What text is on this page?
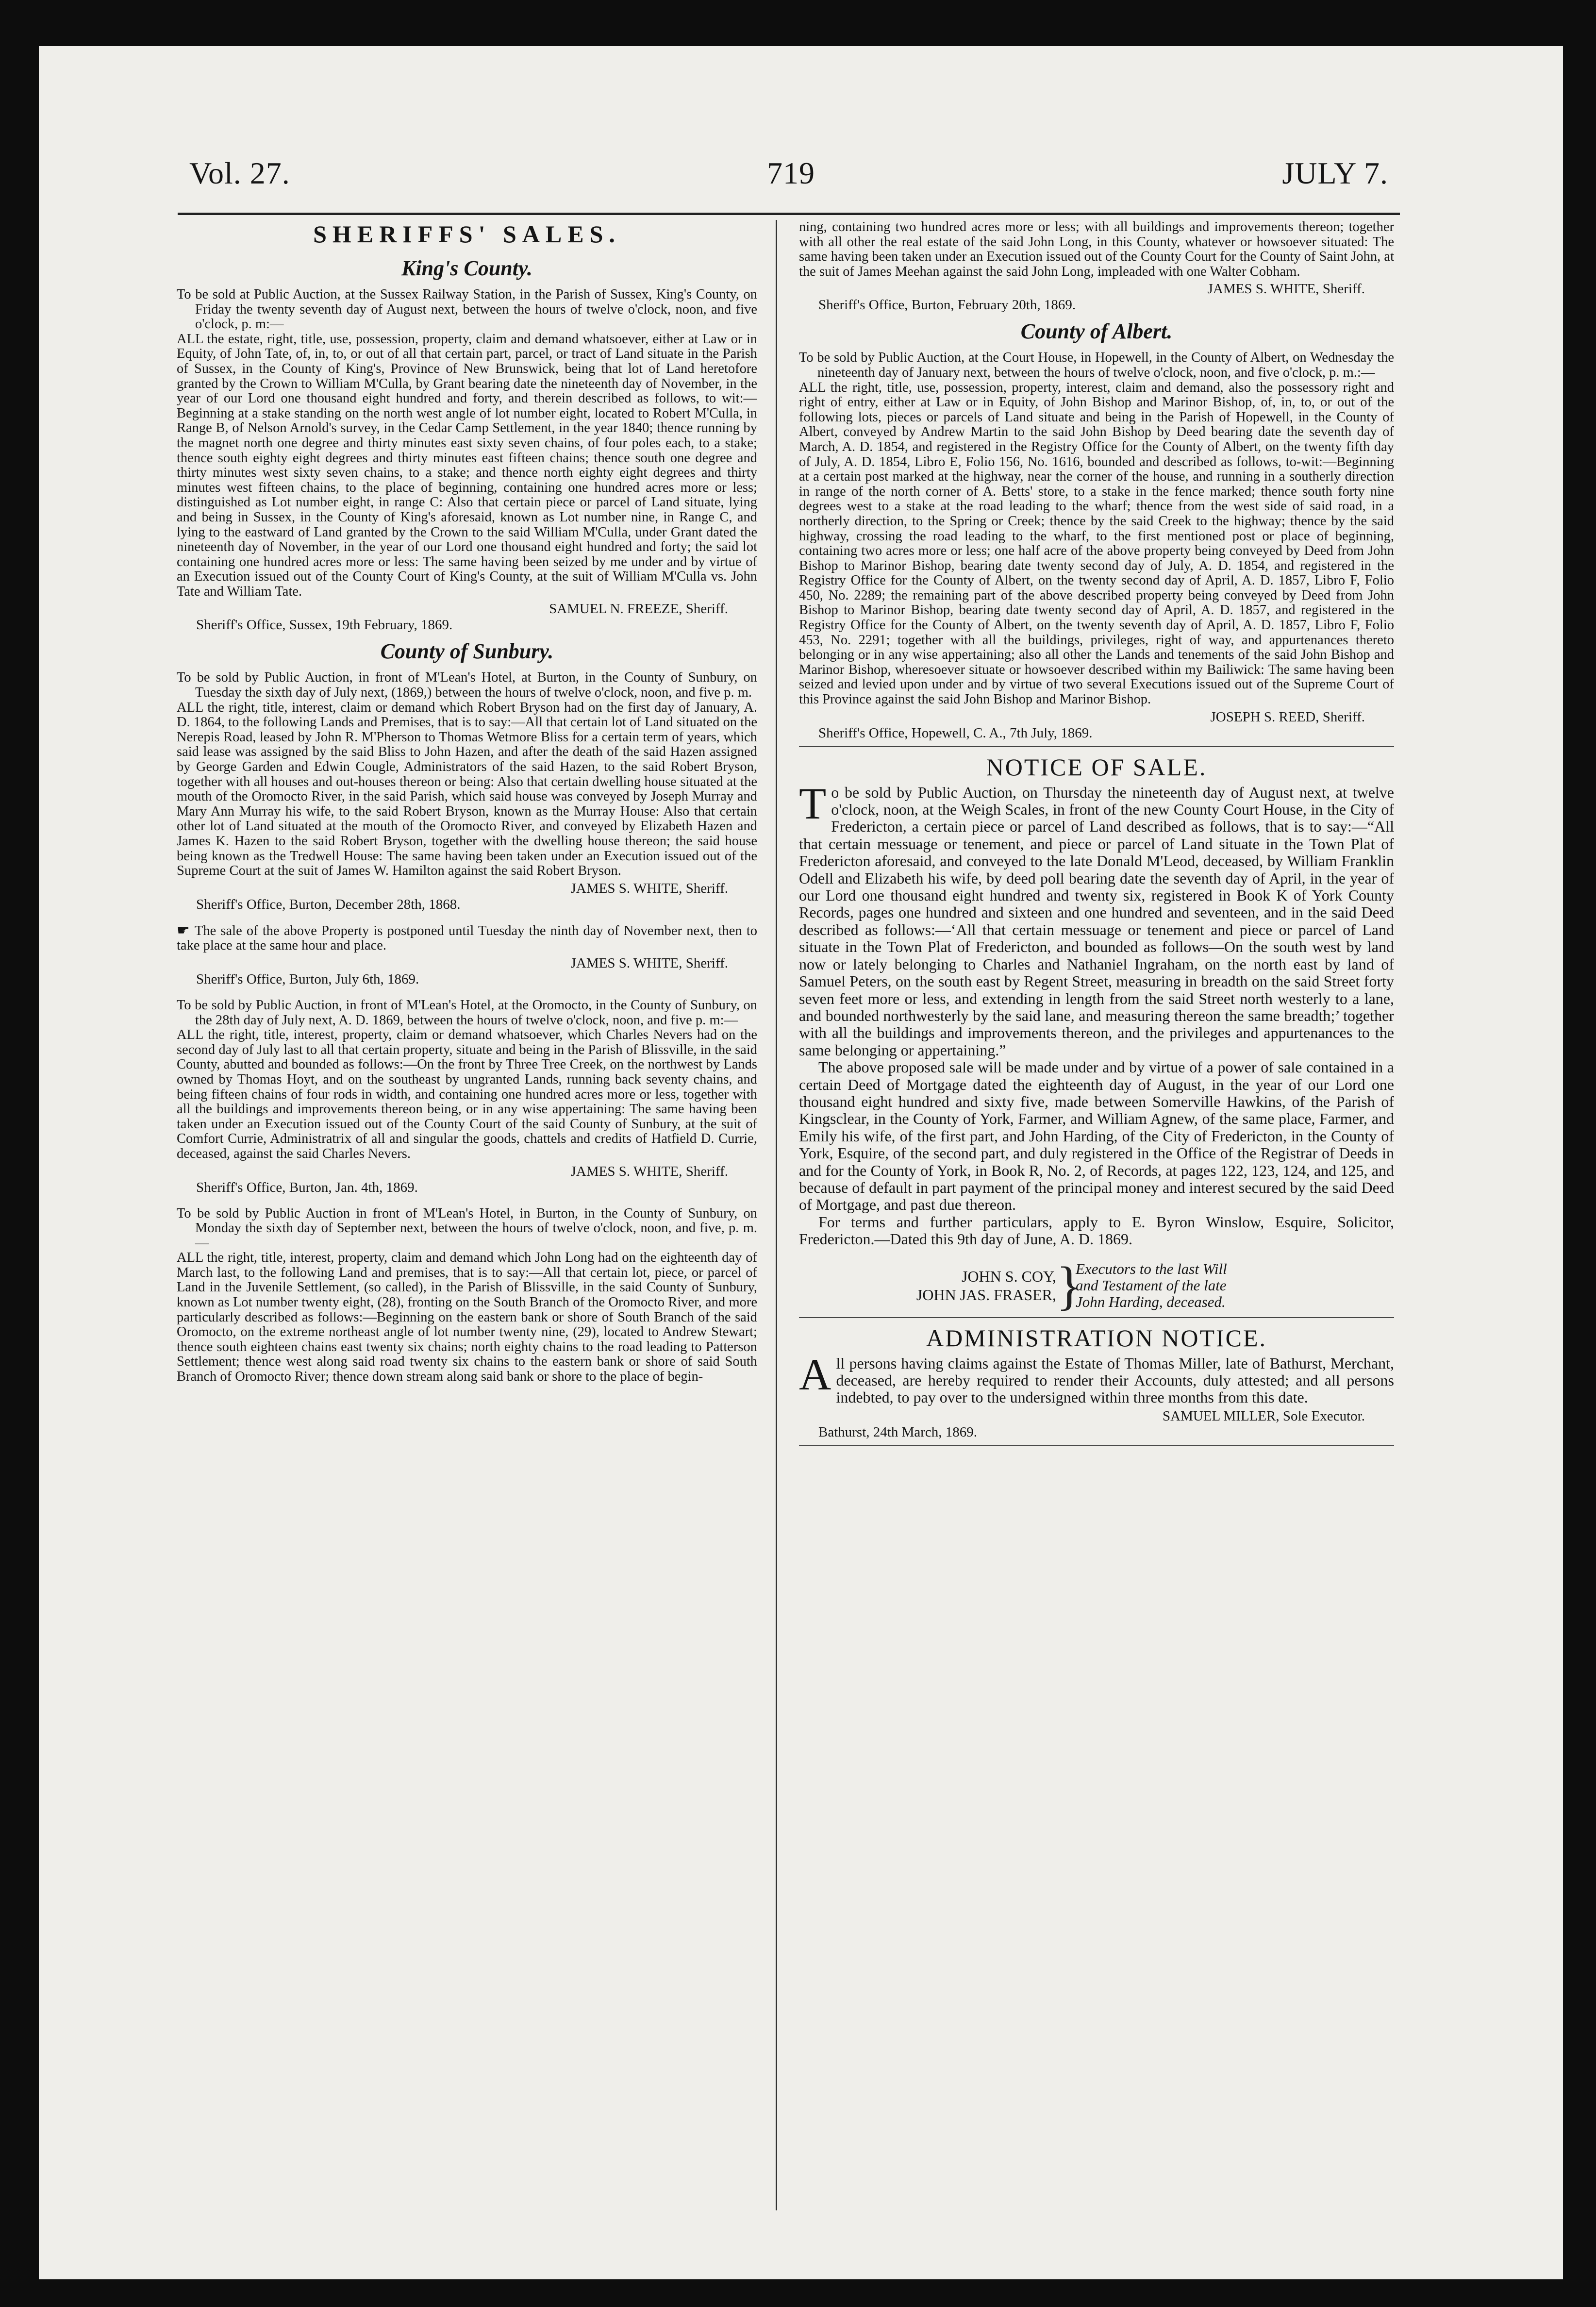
Vol. 27.	719	JULY 7.
SHERIFFS' SALES.
King's County.

To be sold at Public Auction, at the Sussex Railway Station, in the Parish of Sussex, King's County, on Friday the twenty seventh day of August next, between the hours of twelve o'clock, noon, and five o'clock, p. m:—

ALL the estate, right, title, use, possession, property, claim and demand whatsoever, either at Law or in Equity, of John Tate, of, in, to, or out of all that certain part, parcel, or tract of Land situate in the Parish of Sussex, in the County of King's, Province of New Brunswick, being that lot of Land heretofore granted by the Crown to William M'Culla, by Grant bearing date the nineteenth day of November, in the year of our Lord one thousand eight hundred and forty, and therein described as follows, to wit:—Beginning at a stake standing on the north west angle of lot number eight, located to Robert M'Culla, in Range B, of Nelson Arnold's survey, in the Cedar Camp Settlement, in the year 1840; thence running by the magnet north one degree and thirty minutes east sixty seven chains, of four poles each, to a stake; thence south eighty eight degrees and thirty minutes east fifteen chains; thence south one degree and thirty minutes west sixty seven chains, to a stake; and thence north eighty eight degrees and thirty minutes west fifteen chains, to the place of beginning, containing one hundred acres more or less; distinguished as Lot number eight, in range C: Also that certain piece or parcel of Land situate, lying and being in Sussex, in the County of King's aforesaid, known as Lot number nine, in Range C, and lying to the eastward of Land granted by the Crown to the said William M'Culla, under Grant dated the nineteenth day of November, in the year of our Lord one thousand eight hundred and forty; the said lot containing one hundred acres more or less: The same having been seized by me under and by virtue of an Execution issued out of the County Court of King's County, at the suit of William M'Culla vs. John Tate and William Tate.

SAMUEL N. FREEZE, Sheriff.

Sheriff's Office, Sussex, 19th February, 1869.

County of Sunbury.

To be sold by Public Auction, in front of M'Lean's Hotel, at Burton, in the County of Sunbury, on Tuesday the sixth day of July next, (1869,) between the hours of twelve o'clock, noon, and five p. m.

ALL the right, title, interest, claim or demand which Robert Bryson had on the first day of January, A. D. 1864, to the following Lands and Premises, that is to say:—All that certain lot of Land situated on the Nerepis Road, leased by John R. M'Pherson to Thomas Wetmore Bliss for a certain term of years, which said lease was assigned by the said Bliss to John Hazen, and after the death of the said Hazen assigned by George Garden and Edwin Cougle, Administrators of the said Hazen, to the said Robert Bryson, together with all houses and out-houses thereon or being: Also that certain dwelling house situated at the mouth of the Oromocto River, in the said Parish, which said house was conveyed by Joseph Murray and Mary Ann Murray his wife, to the said Robert Bryson, known as the Murray House: Also that certain other lot of Land situated at the mouth of the Oromocto River, and conveyed by Elizabeth Hazen and James K. Hazen to the said Robert Bryson, together with the dwelling house thereon; the said house being known as the Tredwell House: The same having been taken under an Execution issued out of the Supreme Court at the suit of James W. Hamilton against the said Robert Bryson.

JAMES S. WHITE, Sheriff.

Sheriff's Office, Burton, December 28th, 1868.

☛ The sale of the above Property is postponed until Tuesday the ninth day of November next, then to take place at the same hour and place.

JAMES S. WHITE, Sheriff.

Sheriff's Office, Burton, July 6th, 1869.

To be sold by Public Auction, in front of M'Lean's Hotel, at the Oromocto, in the County of Sunbury, on the 28th day of July next, A. D. 1869, between the hours of twelve o'clock, noon, and five p. m:—

ALL the right, title, interest, property, claim or demand whatsoever, which Charles Nevers had on the second day of July last to all that certain property, situate and being in the Parish of Blissville, in the said County, abutted and bounded as follows:—On the front by Three Tree Creek, on the northwest by Lands owned by Thomas Hoyt, and on the southeast by ungranted Lands, running back seventy chains, and being fifteen chains of four rods in width, and containing one hundred acres more or less, together with all the buildings and improvements thereon being, or in any wise appertaining: The same having been taken under an Execution issued out of the County Court of the said County of Sunbury, at the suit of Comfort Currie, Administratrix of all and singular the goods, chattels and credits of Hatfield D. Currie, deceased, against the said Charles Nevers.

JAMES S. WHITE, Sheriff.

Sheriff's Office, Burton, Jan. 4th, 1869.

To be sold by Public Auction in front of M'Lean's Hotel, in Burton, in the County of Sunbury, on Monday the sixth day of September next, between the hours of twelve o'clock, noon, and five, p. m.—

ALL the right, title, interest, property, claim and demand which John Long had on the eighteenth day of March last, to the following Land and premises, that is to say:—All that certain lot, piece, or parcel of Land in the Juvenile Settlement, (so called), in the Parish of Blissville, in the said County of Sunbury, known as Lot number twenty eight, (28), fronting on the South Branch of the Oromocto River, and more particularly described as follows:—Beginning on the eastern bank or shore of South Branch of the said Oromocto, on the extreme northeast angle of lot number twenty nine, (29), located to Andrew Stewart; thence south eighteen chains east twenty six chains; north eighty chains to the road leading to Patterson Settlement; thence west along said road twenty six chains to the eastern bank or shore of said South Branch of Oromocto River; thence down stream along said bank or shore to the place of begin-

ning, containing two hundred acres more or less; with all buildings and improvements thereon; together with all other the real estate of the said John Long, in this County, whatever or howsoever situated: The same having been taken under an Execution issued out of the County Court for the County of Saint John, at the suit of James Meehan against the said John Long, impleaded with one Walter Cobham.

JAMES S. WHITE, Sheriff.

Sheriff's Office, Burton, February 20th, 1869.

County of Albert.

To be sold by Public Auction, at the Court House, in Hopewell, in the County of Albert, on Wednesday the nineteenth day of January next, between the hours of twelve o'clock, noon, and five o'clock, p. m.:—

ALL the right, title, use, possession, property, interest, claim and demand, also the possessory right and right of entry, either at Law or in Equity, of John Bishop and Marinor Bishop, of, in, to, or out of the following lots, pieces or parcels of Land situate and being in the Parish of Hopewell, in the County of Albert, conveyed by Andrew Martin to the said John Bishop by Deed bearing date the seventh day of March, A. D. 1854, and registered in the Registry Office for the County of Albert, on the twenty fifth day of July, A. D. 1854, Libro E, Folio 156, No. 1616, bounded and described as follows, to-wit:—Beginning at a certain post marked at the highway, near the corner of the house, and running in a southerly direction in range of the north corner of A. Betts' store, to a stake in the fence marked; thence south forty nine degrees west to a stake at the road leading to the wharf; thence from the west side of said road, in a northerly direction, to the Spring or Creek; thence by the said Creek to the highway; thence by the said highway, crossing the road leading to the wharf, to the first mentioned post or place of beginning, containing two acres more or less; one half acre of the above property being conveyed by Deed from John Bishop to Marinor Bishop, bearing date twenty second day of July, A. D. 1854, and registered in the Registry Office for the County of Albert, on the twenty second day of April, A. D. 1857, Libro F, Folio 450, No. 2289; the remaining part of the above described property being conveyed by Deed from John Bishop to Marinor Bishop, bearing date twenty second day of April, A. D. 1857, and registered in the Registry Office for the County of Albert, on the twenty seventh day of April, A. D. 1857, Libro F, Folio 453, No. 2291; together with all the buildings, privileges, right of way, and appurtenances thereto belonging or in any wise appertaining; also all other the Lands and tenements of the said John Bishop and Marinor Bishop, wheresoever situate or howsoever described within my Bailiwick: The same having been seized and levied upon under and by virtue of two several Executions issued out of the Supreme Court of this Province against the said John Bishop and Marinor Bishop.

JOSEPH S. REED, Sheriff.

Sheriff's Office, Hopewell, C. A., 7th July, 1869.

NOTICE OF SALE.

To be sold by Public Auction, on Thursday the nineteenth day of August next, at twelve o'clock, noon, at the Weigh Scales, in front of the new County Court House, in the City of Fredericton, a certain piece or parcel of Land described as follows, that is to say:—“All that certain messuage or tenement, and piece or parcel of Land situate in the Town Plat of Fredericton aforesaid, and conveyed to the late Donald M'Leod, deceased, by William Franklin Odell and Elizabeth his wife, by deed poll bearing date the seventh day of April, in the year of our Lord one thousand eight hundred and twenty six, registered in Book K of York County Records, pages one hundred and sixteen and one hundred and seventeen, and in the said Deed described as follows:—‘All that certain messuage or tenement and piece or parcel of Land situate in the Town Plat of Fredericton, and bounded as follows—On the south west by land now or lately belonging to Charles and Nathaniel Ingraham, on the north east by land of Samuel Peters, on the south east by Regent Street, measuring in breadth on the said Street forty seven feet more or less, and extending in length from the said Street north westerly to a lane, and bounded northwesterly by the said lane, and measuring thereon the same breadth;’ together with all the buildings and improvements thereon, and the privileges and appurtenances to the same belonging or appertaining.”

The above proposed sale will be made under and by virtue of a power of sale contained in a certain Deed of Mortgage dated the eighteenth day of August, in the year of our Lord one thousand eight hundred and sixty five, made between Somerville Hawkins, of the Parish of Kingsclear, in the County of York, Farmer, and William Agnew, of the same place, Farmer, and Emily his wife, of the first part, and John Harding, of the City of Fredericton, in the County of York, Esquire, of the second part, and duly registered in the Office of the Registrar of Deeds in and for the County of York, in Book R, No. 2, of Records, at pages 122, 123, 124, and 125, and because of default in part payment of the principal money and interest secured by the said Deed of Mortgage, and past due thereon.

For terms and further particulars, apply to E. Byron Winslow, Esquire, Solicitor, Fredericton.—Dated this 9th day of June, A. D. 1869.

JOHN S. COY,
JOHN JAS. FRASER, }
Executors to the last Will
and Testament of the late
John Harding, deceased.
ADMINISTRATION NOTICE.

All persons having claims against the Estate of Thomas Miller, late of Bathurst, Merchant, deceased, are hereby required to render their Accounts, duly attested; and all persons indebted, to pay over to the undersigned within three months from this date.

SAMUEL MILLER, Sole Executor.

Bathurst, 24th March, 1869.
